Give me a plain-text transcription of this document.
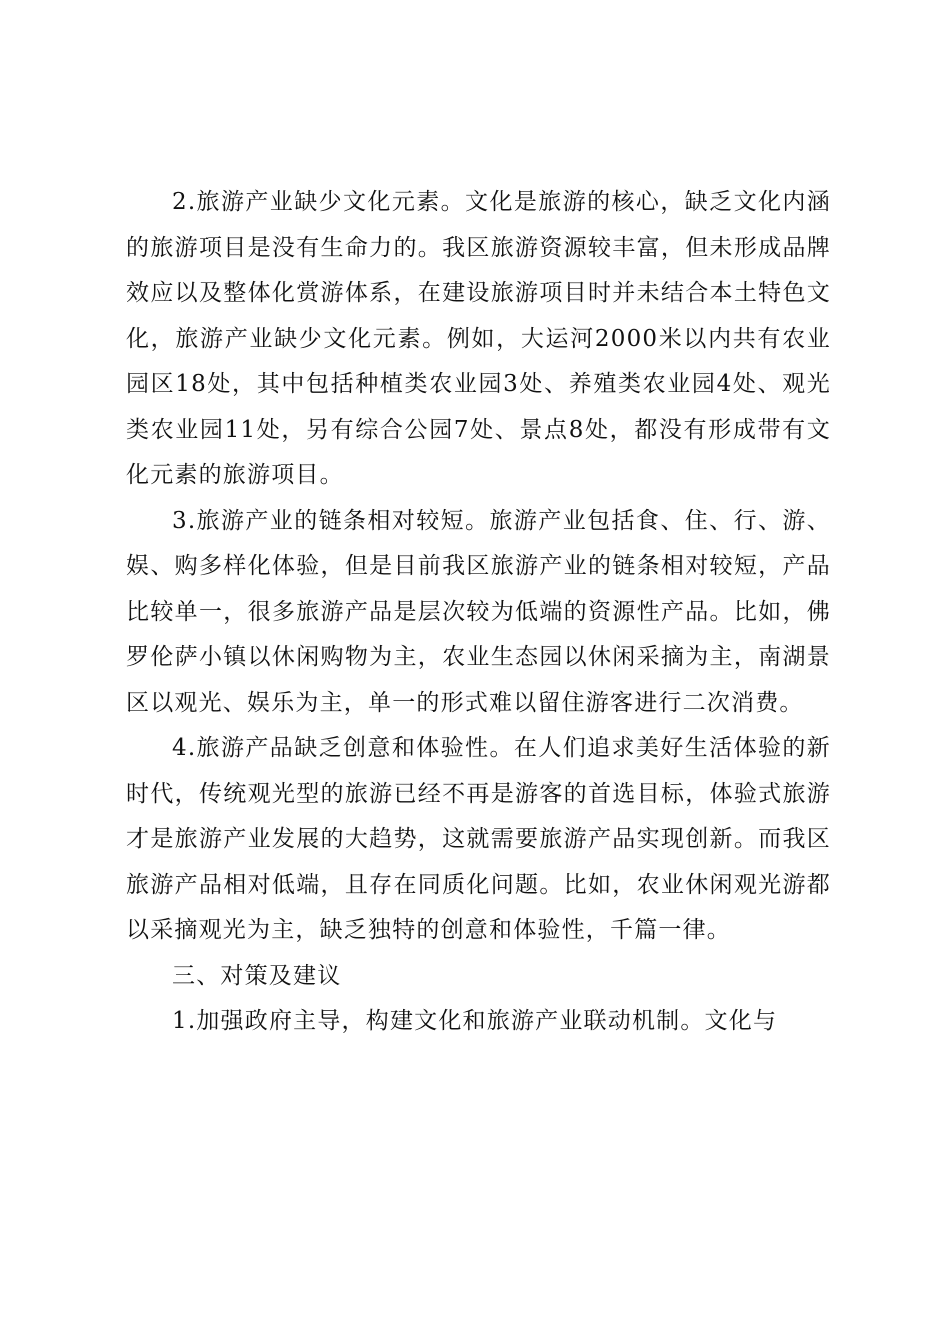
2.旅游产业缺少文化元素。文化是旅游的核心，缺乏文化内涵的旅游项目是没有生命力的。我区旅游资源较丰富，但未形成品牌效应以及整体化赏游体系，在建设旅游项目时并未结合本土特色文化，旅游产业缺少文化元素。例如，大运河2000米以内共有农业园区18处，其中包括种植类农业园3处、养殖类农业园4处、观光类农业园11处，另有综合公园7处、景点8处，都没有形成带有文化元素的旅游项目。

3.旅游产业的链条相对较短。旅游产业包括食、住、行、游、娱、购多样化体验，但是目前我区旅游产业的链条相对较短，产品比较单一，很多旅游产品是层次较为低端的资源性产品。比如，佛罗伦萨小镇以休闲购物为主，农业生态园以休闲采摘为主，南湖景区以观光、娱乐为主，单一的形式难以留住游客进行二次消费。

4.旅游产品缺乏创意和体验性。在人们追求美好生活体验的新时代，传统观光型的旅游已经不再是游客的首选目标，体验式旅游才是旅游产业发展的大趋势，这就需要旅游产品实现创新。而我区旅游产品相对低端，且存在同质化问题。比如，农业休闲观光游都以采摘观光为主，缺乏独特的创意和体验性，千篇一律。

三、对策及建议

1.加强政府主导，构建文化和旅游产业联动机制。文化与
